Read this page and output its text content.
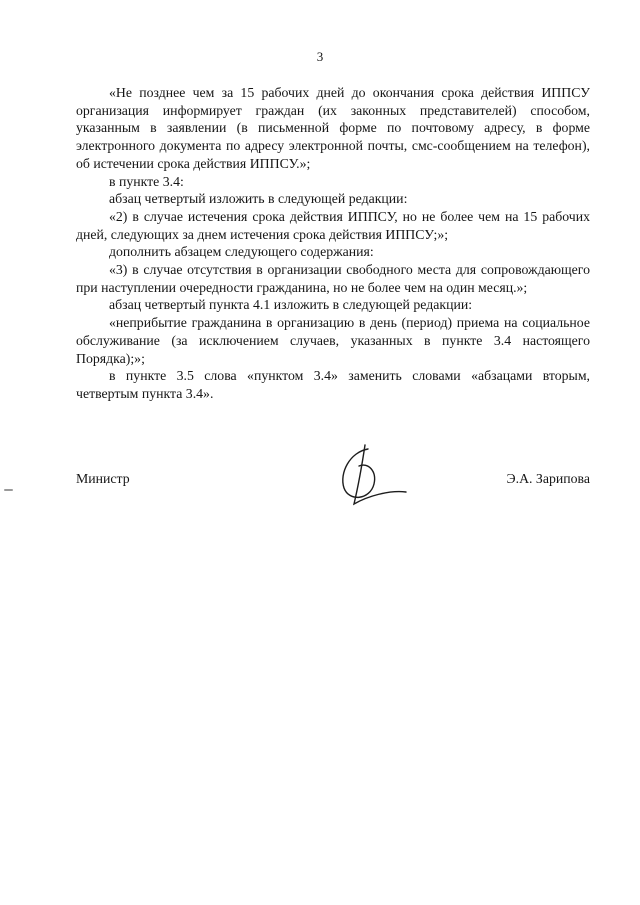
3

«Не позднее чем за 15 рабочих дней до окончания срока действия ИППСУ организация информирует граждан (их законных представителей) способом, указанным в заявлении (в письменной форме по почтовому адресу, в форме электронного документа по адресу электронной почты, смс-сообщением на телефон), об истечении срока действия ИППСУ.»;

в пункте 3.4:

абзац четвертый изложить в следующей редакции:

«2) в случае истечения срока действия ИППСУ, но не более чем на 15 рабочих дней, следующих за днем истечения срока действия ИППСУ;»;

дополнить абзацем следующего содержания:

«3) в случае отсутствия в организации свободного места для сопровождающего при наступлении очередности гражданина, но не более чем на один месяц.»;

абзац четвертый пункта 4.1 изложить в следующей редакции:

«неприбытие гражданина в организацию в день (период) приема на социальное обслуживание (за исключением случаев, указанных в пункте 3.4 настоящего Порядка);»;

в пункте 3.5 слова «пунктом 3.4» заменить словами «абзацами вторым, четвертым пункта 3.4».

Министр	Э.А. Зарипова
